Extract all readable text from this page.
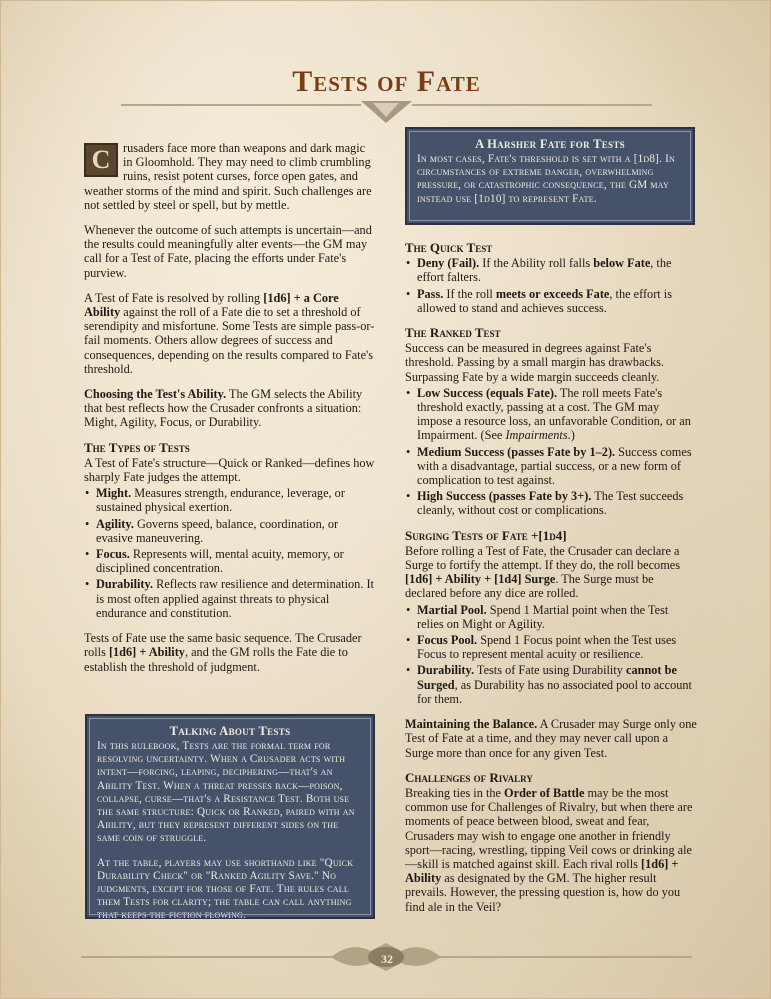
Tests of Fate

C	rusaders face more than weapons and dark magic in Gloomhold. They may need to climb crumbling ruins, resist potent curses, force open gates, and weather storms of the mind and spirit. Such challenges are not settled by steel or spell, but by mettle.

Whenever the outcome of such attempts is uncertain—and the results could meaningfully alter events—the GM may call for a Test of Fate, placing the efforts under Fate's purview.

A Test of Fate is resolved by rolling [1d6] + a Core Ability against the roll of a Fate die to set a threshold of serendipity and misfortune. Some Tests are simple pass-or-fail moments. Others allow degrees of success and consequences, depending on the results compared to Fate's threshold.

Choosing the Test's Ability. The GM selects the Ability that best reflects how the Crusader confronts a situation: Might, Agility, Focus, or Durability.

The Types of Tests
A Test of Fate's structure—Quick or Ranked—defines how sharply Fate judges the attempt.
• Might. Measures strength, endurance, leverage, or sustained physical exertion.
• Agility. Governs speed, balance, coordination, or evasive maneuvering.
• Focus. Represents will, mental acuity, memory, or disciplined concentration.
• Durability. Reflects raw resilience and determination. It is most often applied against threats to physical endurance and constitution.

Tests of Fate use the same basic sequence. The Crusader rolls [1d6] + Ability, and the GM rolls the Fate die to establish the threshold of judgment.

Talking About Tests

In this rulebook, Tests are the formal term for resolving uncertainty. When a Crusader acts with intent—forcing, leaping, deciphering—that's an Ability Test. When a threat presses back—poison, collapse, curse—that's a Resistance Test. Both use the same structure: Quick or Ranked, paired with an Ability, but they represent different sides on the same coin of struggle.

At the table, players may use shorthand like "Quick Durability Check" or "Ranked Agility Save." No judgments, except for those of Fate. The rules call them Tests for clarity; the table can call anything that keeps the fiction flowing.

A Harsher Fate for Tests
In most cases, Fate's threshold is set with a [1d8]. In circumstances of extreme danger, overwhelming pressure, or catastrophic consequence, the GM may instead use [1d10] to represent Fate.
The Quick Test
• Deny (Fail). If the Ability roll falls below Fate, the effort falters.
• Pass. If the roll meets or exceeds Fate, the effort is allowed to stand and achieves success.
The Ranked Test
Success can be measured in degrees against Fate's threshold. Passing by a small margin has drawbacks. Surpassing Fate by a wide margin succeeds cleanly.
• Low Success (equals Fate). The roll meets Fate's threshold exactly, passing at a cost. The GM may impose a resource loss, an unfavorable Condition, or an Impairment. (See Impairments.)
• Medium Success (passes Fate by 1–2). Success comes with a disadvantage, partial success, or a new form of complication to test against.
• High Success (passes Fate by 3+). The Test succeeds cleanly, without cost or complications.
Surging Tests of Fate +[1d4]
Before rolling a Test of Fate, the Crusader can declare a Surge to fortify the attempt. If they do, the roll becomes [1d6] + Ability + [1d4] Surge. The Surge must be declared before any dice are rolled.
• Martial Pool. Spend 1 Martial point when the Test relies on Might or Agility.
• Focus Pool. Spend 1 Focus point when the Test uses Focus to represent mental acuity or resilience.
• Durability. Tests of Fate using Durability cannot be Surged, as Durability has no associated pool to account for them.

Maintaining the Balance. A Crusader may Surge only one Test of Fate at a time, and they may never call upon a Surge more than once for any given Test.

Challenges of Rivalry
Breaking ties in the Order of Battle may be the most common use for Challenges of Rivalry, but when there are moments of peace between blood, sweat and fear, Crusaders may wish to engage one another in friendly sport—racing, wrestling, tipping Veil cows or drinking ale—skill is matched against skill. Each rival rolls [1d6] + Ability as designated by the GM. The higher result prevails. However, the pressing question is, how do you find ale in the Veil?
32
